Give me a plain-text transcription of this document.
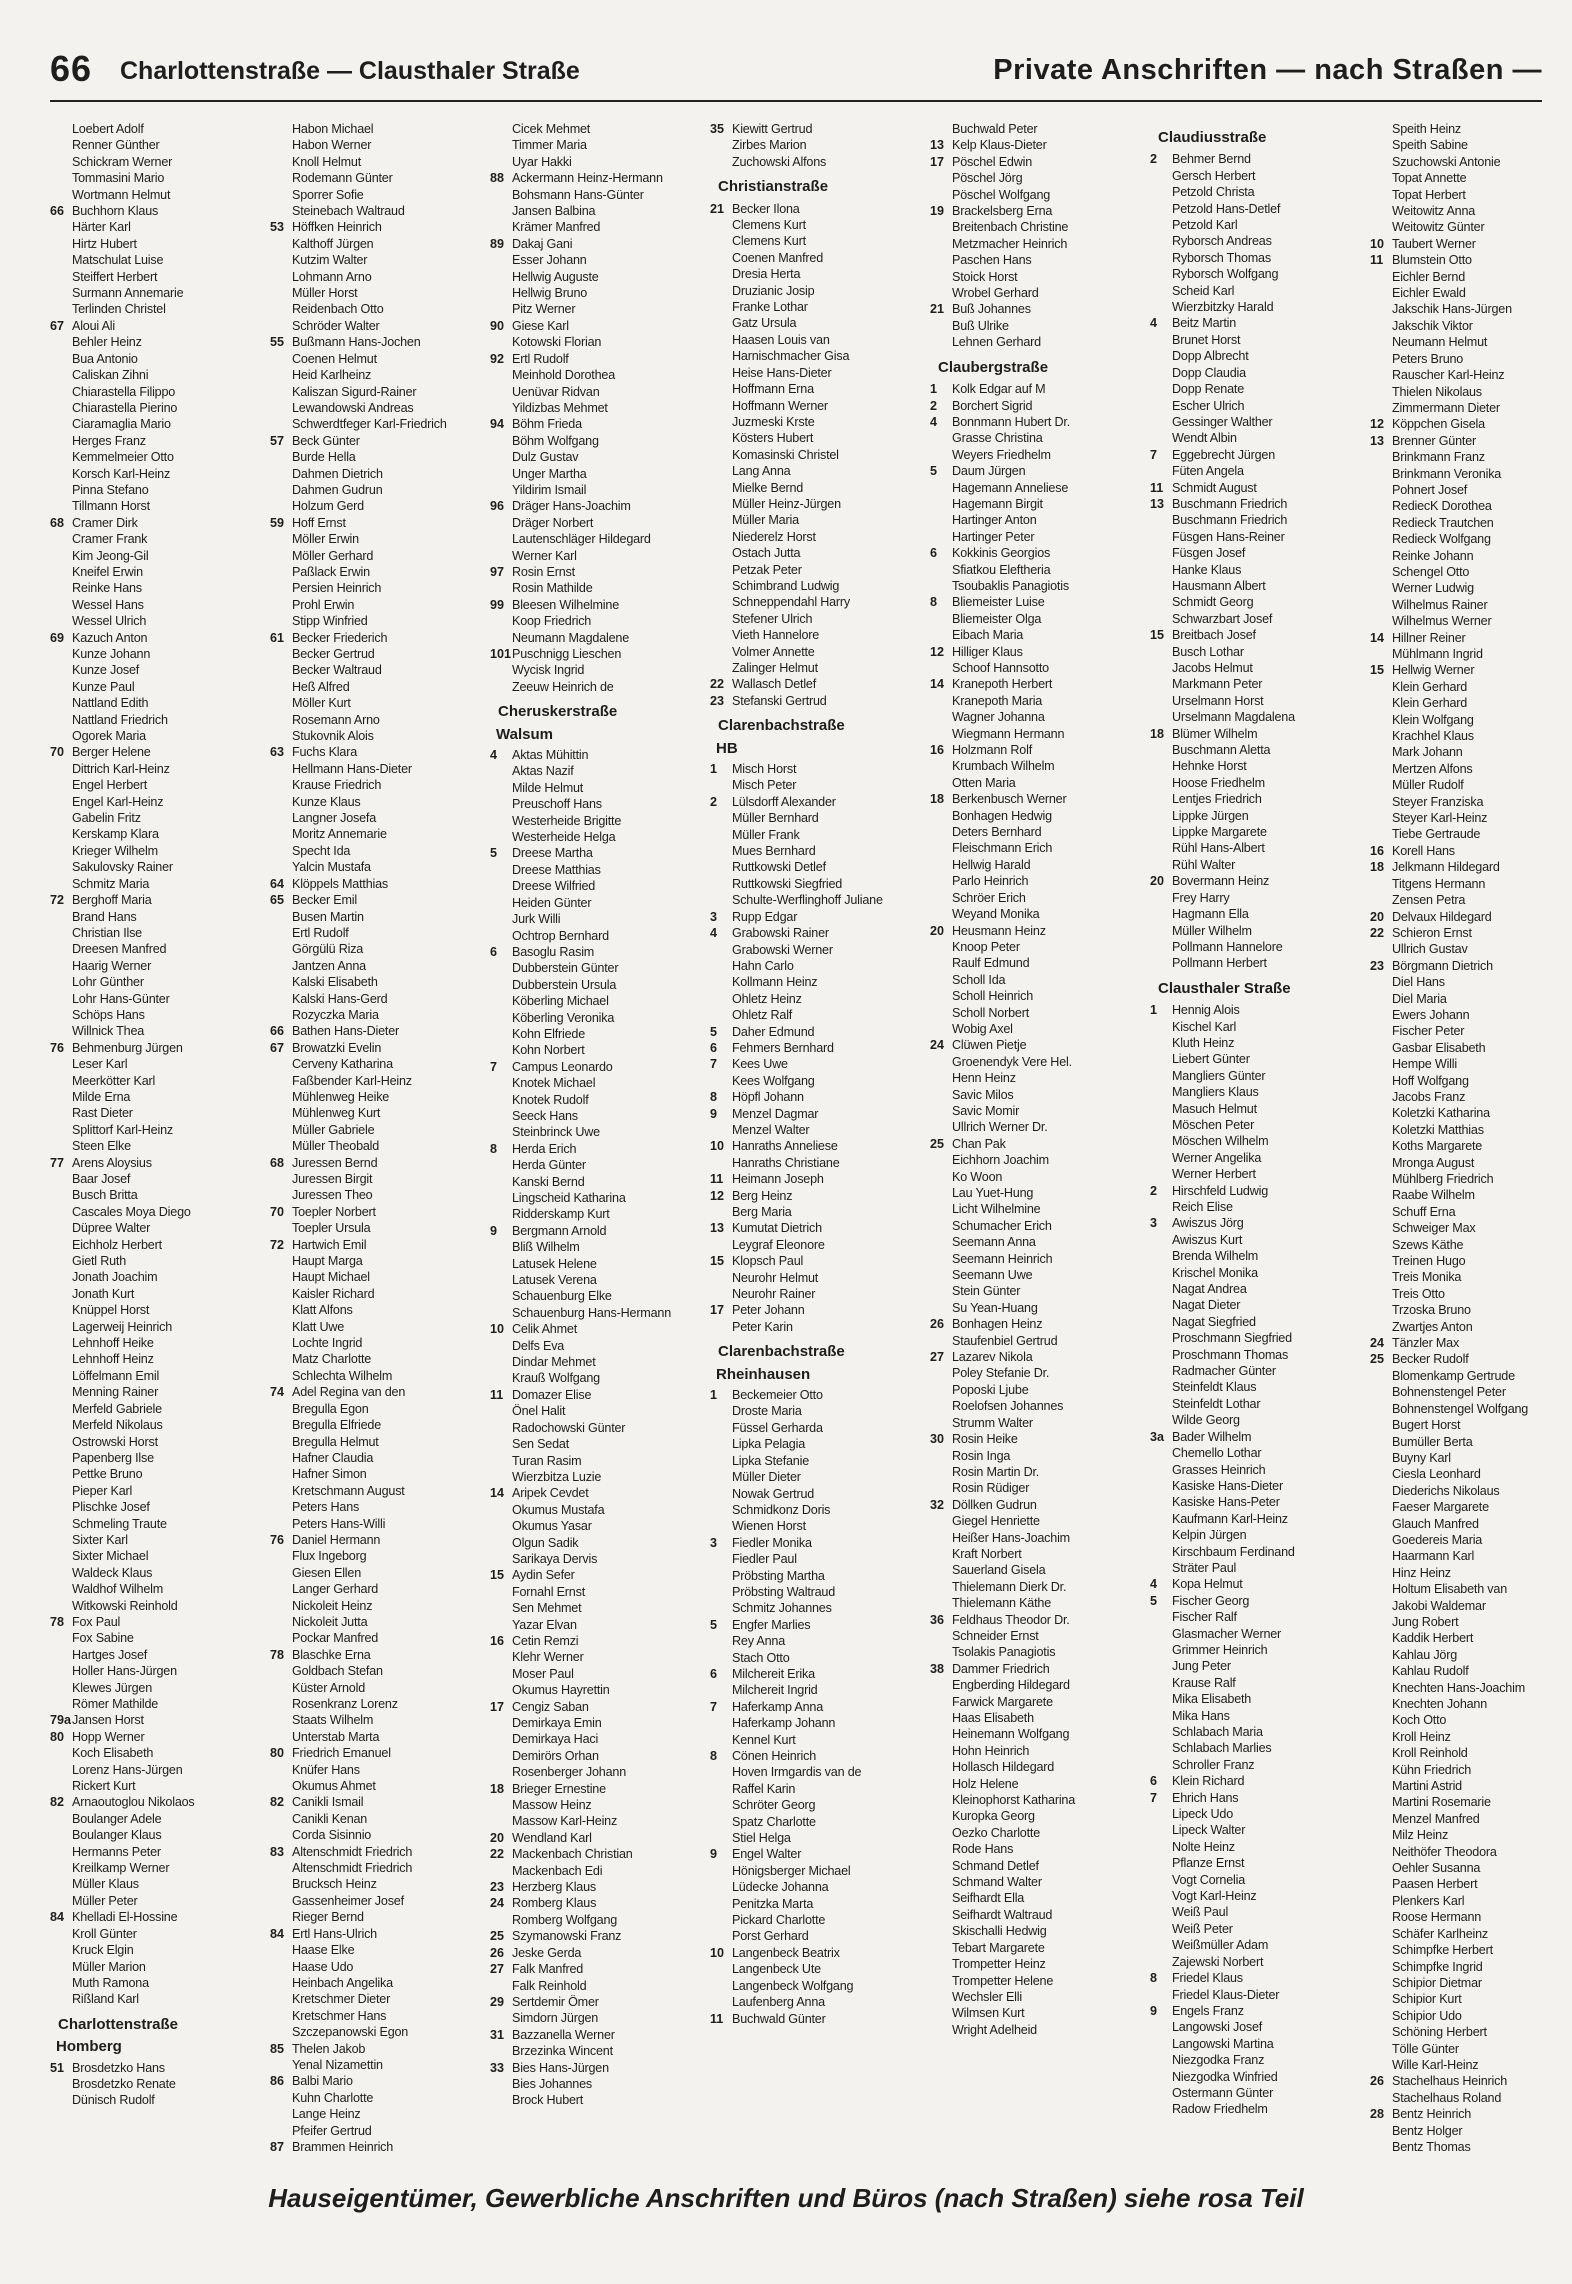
66 Charlottenstraße — Clausthaler Straße	Private Anschriften — nach Straßen —
Loebert Adolf
Renner Günther
Schickram Werner
Tommasini Mario
Wortmann Helmut
66 Buchhorn Klaus
Härter Karl
Hirtz Hubert
Matschulat Luise
Steiffert Herbert
Surmann Annemarie
Terlinden Christel
67 Aloui Ali
Behler Heinz
Bua Antonio
Caliskan Zihni
Chiarastella Filippo
Chiarastella Pierino
Ciaramaglia Mario
Herges Franz
Kemmelmeier Otto
Korsch Karl-Heinz
Pinna Stefano
Tillmann Horst
68 Cramer Dirk
Cramer Frank
Kim Jeong-Gil
Kneifel Erwin
Reinke Hans
Wessel Hans
Wessel Ulrich
69 Kazuch Anton
Kunze Johann
Kunze Josef
Kunze Paul
Nattland Edith
Nattland Friedrich
Ogorek Maria
70 Berger Helene
Dittrich Karl-Heinz
Engel Herbert
Engel Karl-Heinz
Gabelin Fritz
Kerskamp Klara
Krieger Wilhelm
Sakulovsky Rainer
Schmitz Maria
72 Berghoff Maria
Brand Hans
Christian Ilse
Dreesen Manfred
Haarig Werner
Lohr Günther
Lohr Hans-Günter
Schöps Hans
Willnick Thea
76 Behmenburg Jürgen
Leser Karl
Meerkötter Karl
Milde Erna
Rast Dieter
Splittorf Karl-Heinz
Steen Elke
77 Arens Aloysius
Baar Josef
Busch Britta
Cascales Moya Diego
Düpree Walter
Eichholz Herbert
Gietl Ruth
Jonath Joachim
Jonath Kurt
Knüppel Horst
Lagerweij Heinrich
Lehnhoff Heike
Lehnhoff Heinz
Löffelmann Emil
Menning Rainer
Merfeld Gabriele
Merfeld Nikolaus
Ostrowski Horst
Papenberg Ilse
Pettke Bruno
Pieper Karl
Plischke Josef
Schmeling Traute
Sixter Karl
Sixter Michael
Waldeck Klaus
Waldhof Wilhelm
Witkowski Reinhold
78 Fox Paul
Fox Sabine
Hartges Josef
Holler Hans-Jürgen
Klewes Jürgen
Römer Mathilde
79a Jansen Horst
80 Hopp Werner
Koch Elisabeth
Lorenz Hans-Jürgen
Rickert Kurt
82 Arnaoutoglou Nikolaos
Boulanger Adele
Boulanger Klaus
Hermanns Peter
Kreilkamp Werner
Müller Klaus
Müller Peter
84 Khelladi El-Hossine
Kroll Günter
Kruck Elgin
Müller Marion
Muth Ramona
Rißland Karl
Charlottenstraße
Homberg
51 Brosdetzko Hans
Brosdetzko Renate
Dünisch Rudolf
Habon Michael
Habon Werner
Knoll Helmut
Rodemann Günter
Sporrer Sofie
Steinebach Waltraud
53 Höffken Heinrich
Kalthoff Jürgen
Kutzim Walter
Lohmann Arno
Müller Horst
Reidenbach Otto
Schröder Walter
55 Bußmann Hans-Jochen
Coenen Helmut
Heid Karlheinz
Kaliszan Sigurd-Rainer
Lewandowski Andreas
Schwerdtfeger Karl-Friedrich
57 Beck Günter
Burde Hella
Dahmen Dietrich
Dahmen Gudrun
Holzum Gerd
59 Hoff Ernst
Möller Erwin
Möller Gerhard
Paßlack Erwin
Persien Heinrich
Prohl Erwin
Stipp Winfried
61 Becker Friederich
Becker Gertrud
Becker Waltraud
Heß Alfred
Möller Kurt
Rosemann Arno
Stukovnik Alois
63 Fuchs Klara
Hellmann Hans-Dieter
Krause Friedrich
Kunze Klaus
Langner Josefa
Moritz Annemarie
Specht Ida
Yalcin Mustafa
64 Klöppels Matthias
65 Becker Emil
Busen Martin
Ertl Rudolf
Görgülü Riza
Jantzen Anna
Kalski Elisabeth
Kalski Hans-Gerd
Rozyczka Maria
66 Bathen Hans-Dieter
67 Browatzki Evelin
Cerveny Katharina
Faßbender Karl-Heinz
Mühlenweg Heike
Mühlenweg Kurt
Müller Gabriele
Müller Theobald
68 Juressen Bernd
Juressen Birgit
Juressen Theo
70 Toepler Norbert
Toepler Ursula
72 Hartwich Emil
Haupt Marga
Haupt Michael
Kaisler Richard
Klatt Alfons
Klatt Uwe
Lochte Ingrid
Matz Charlotte
Schlechta Wilhelm
74 Adel Regina van den
Bregulla Egon
Bregulla Elfriede
Bregulla Helmut
Hafner Claudia
Hafner Simon
Kretschmann August
Peters Hans
Peters Hans-Willi
76 Daniel Hermann
Flux Ingeborg
Giesen Ellen
Langer Gerhard
Nickoleit Heinz
Nickoleit Jutta
Pockar Manfred
78 Blaschke Erna
Goldbach Stefan
Küster Arnold
Rosenkranz Lorenz
Staats Wilhelm
Unterstab Marta
80 Friedrich Emanuel
Knüfer Hans
Okumus Ahmet
82 Canikli Ismail
Canikli Kenan
Corda Sisinnio
83 Altenschmidt Friedrich
Altenschmidt Friedrich
Brucksch Heinz
Gassenheimer Josef
Rieger Bernd
84 Ertl Hans-Ulrich
Haase Elke
Haase Udo
Heinbach Angelika
Kretschmer Dieter
Kretschmer Hans
Szczepanowski Egon
85 Thelen Jakob
Yenal Nizamettin
86 Balbi Mario
Kuhn Charlotte
Lange Heinz
Pfeifer Gertrud
87 Brammen Heinrich
Cicek Mehmet
Timmer Maria
Uyar Hakki
88 Ackermann Heinz-Hermann
Bohsmann Hans-Günter
Jansen Balbina
Krämer Manfred
89 Dakaj Gani
Esser Johann
Hellwig Auguste
Hellwig Bruno
Pitz Werner
90 Giese Karl
Kotowski Florian
92 Ertl Rudolf
Meinhold Dorothea
Uenüvar Ridvan
Yildizbas Mehmet
94 Böhm Frieda
Böhm Wolfgang
Dulz Gustav
Unger Martha
Yildirim Ismail
96 Dräger Hans-Joachim
Dräger Norbert
Lautenschläger Hildegard
Werner Karl
97 Rosin Ernst
Rosin Mathilde
99 Bleesen Wilhelmine
Koop Friedrich
Neumann Magdalene
101 Puschnigg Lieschen
Wycisk Ingrid
Zeeuw Heinrich de
Cheruskerstraße
Walsum
4	Aktas Mühittin
Aktas Nazif
Milde Helmut
Preuschoff Hans
Westerheide Brigitte
Westerheide Helga
5	Dreese Martha
Dreese Matthias
Dreese Wilfried
Heiden Günter
Jurk Willi
Ochtrop Bernhard
6	Basoglu Rasim
Dubberstein Günter
Dubberstein Ursula
Köberling Michael
Köberling Veronika
Kohn Elfriede
Kohn Norbert
7	Campus Leonardo
Knotek Michael
Knotek Rudolf
Seeck Hans
Steinbrinck Uwe
8	Herda Erich
Herda Günter
Kanski Bernd
Lingscheid Katharina
Ridderskamp Kurt
9	Bergmann Arnold
Bliß Wilhelm
Latusek Helene
Latusek Verena
Schauenburg Elke
Schauenburg Hans-Hermann
10 Celik Ahmet
Delfs Eva
Dindar Mehmet
Krauß Wolfgang
11 Domazer Elise
Önel Halit
Radochowski Günter
Sen Sedat
Turan Rasim
Wierzbitza Luzie
14 Aripek Cevdet
Okumus Mustafa
Okumus Yasar
Olgun Sadik
Sarikaya Dervis
15 Aydin Sefer
Fornahl Ernst
Sen Mehmet
Yazar Elvan
16 Cetin Remzi
Klehr Werner
Moser Paul
Okumus Hayrettin
17 Cengiz Saban
Demirkaya Emin
Demirkaya Haci
Demirörs Orhan
Rosenberger Johann
18 Brieger Ernestine
Massow Heinz
Massow Karl-Heinz
20 Wendland Karl
22 Mackenbach Christian
Mackenbach Edi
23 Herzberg Klaus
24 Romberg Klaus
Romberg Wolfgang
25 Szymanowski Franz
26 Jeske Gerda
27 Falk Manfred
Falk Reinhold
29 Sertdemir Ömer
Simdorn Jürgen
31 Bazzanella Werner
Brzezinka Wincent
33 Bies Hans-Jürgen
Bies Johannes
Brock Hubert
35 Kiewitt Gertrud
Zirbes Marion
Zuchowski Alfons
Christianstraße
21 Becker Ilona
Clemens Kurt
Clemens Kurt
Coenen Manfred
Dresia Herta
Druzianic Josip
Franke Lothar
Gatz Ursula
Haasen Louis van
Harnischmacher Gisa
Heise Hans-Dieter
Hoffmann Erna
Hoffmann Werner
Juzmeski Krste
Kösters Hubert
Komasinski Christel
Lang Anna
Mielke Bernd
Müller Heinz-Jürgen
Müller Maria
Niederelz Horst
Ostach Jutta
Petzak Peter
Schimbrand Ludwig
Schneppendahl Harry
Stefener Ulrich
Vieth Hannelore
Volmer Annette
Zalinger Helmut
22 Wallasch Detlef
23 Stefanski Gertrud
Clarenbachstraße
HB
1	Misch Horst
Misch Peter
2	Lülsdorff Alexander
Müller Bernhard
Müller Frank
Mues Bernhard
Ruttkowski Detlef
Ruttkowski Siegfried
Schulte-Werflinghoff Juliane
3	Rupp Edgar
4	Grabowski Rainer
Grabowski Werner
Hahn Carlo
Kollmann Heinz
Ohletz Heinz
Ohletz Ralf
5	Daher Edmund
6	Fehmers Bernhard
7	Kees Uwe
Kees Wolfgang
8	Höpfl Johann
9	Menzel Dagmar
Menzel Walter
10 Hanraths Anneliese
Hanraths Christiane
11 Heimann Joseph
12 Berg Heinz
Berg Maria
13 Kumutat Dietrich
Leygraf Eleonore
15 Klopsch Paul
Neurohr Helmut
Neurohr Rainer
17 Peter Johann
Peter Karin
Clarenbachstraße
Rheinhausen
1	Beckemeier Otto
Droste Maria
Füssel Gerharda
Lipka Pelagia
Lipka Stefanie
Müller Dieter
Nowak Gertrud
Schmidkonz Doris
Wienen Horst
3	Fiedler Monika
Fiedler Paul
Pröbsting Martha
Pröbsting Waltraud
Schmitz Johannes
5	Engfer Marlies
Rey Anna
Stach Otto
6	Milchereit Erika
Milchereit Ingrid
7	Haferkamp Anna
Haferkamp Johann
Kennel Kurt
8	Cönen Heinrich
Hoven Irmgardis van de
Raffel Karin
Schröter Georg
Spatz Charlotte
Stiel Helga
9	Engel Walter
Hönigsberger Michael
Lüdecke Johanna
Penitzka Marta
Pickard Charlotte
Porst Gerhard
10 Langenbeck Beatrix
Langenbeck Ute
Langenbeck Wolfgang
Laufenberg Anna
11 Buchwald Günter
Buchwald Peter
13 Kelp Klaus-Dieter
17 Pöschel Edwin
Pöschel Jörg
Pöschel Wolfgang
19 Brackelsberg Erna
Breitenbach Christine
Metzmacher Heinrich
Paschen Hans
Stoick Horst
Wrobel Gerhard
21 Buß Johannes
Buß Ulrike
Lehnen Gerhard
Claubergstraße
1	Kolk Edgar auf M
2	Borchert Sigrid
4	Bonnmann Hubert Dr.
Grasse Christina
Weyers Friedhelm
5	Daum Jürgen
Hagemann Anneliese
Hagemann Birgit
Hartinger Anton
Hartinger Peter
6	Kokkinis Georgios
Sfiatkou Eleftheria
Tsoubaklis Panagiotis
8	Bliemeister Luise
Bliemeister Olga
Eibach Maria
12 Hilliger Klaus
Schoof Hannsotto
14 Kranepoth Herbert
Kranepoth Maria
Wagner Johanna
Wiegmann Hermann
16 Holzmann Rolf
Krumbach Wilhelm
Otten Maria
18 Berkenbusch Werner
Bonhagen Hedwig
Deters Bernhard
Fleischmann Erich
Hellwig Harald
Parlo Heinrich
Schröer Erich
Weyand Monika
20 Heusmann Heinz
Knoop Peter
Raulf Edmund
Scholl Ida
Scholl Heinrich
Scholl Norbert
Wobig Axel
24 Clüwen Pietje
Groenendyk Vere Hel.
Henn Heinz
Savic Milos
Savic Momir
Ullrich Werner Dr.
25 Chan Pak
Eichhorn Joachim
Ko Woon
Lau Yuet-Hung
Licht Wilhelmine
Schumacher Erich
Seemann Anna
Seemann Heinrich
Seemann Uwe
Stein Günter
Su Yean-Huang
26 Bonhagen Heinz
Staufenbiel Gertrud
27 Lazarev Nikola
Poley Stefanie Dr.
Poposki Ljube
Roelofsen Johannes
Strumm Walter
30 Rosin Heike
Rosin Inga
Rosin Martin Dr.
Rosin Rüdiger
32 Döllken Gudrun
Giegel Henriette
Heißer Hans-Joachim
Kraft Norbert
Sauerland Gisela
Thielemann Dierk Dr.
Thielemann Käthe
36 Feldhaus Theodor Dr.
Schneider Ernst
Tsolakis Panagiotis
38 Dammer Friedrich
Engberding Hildegard
Farwick Margarete
Haas Elisabeth
Heinemann Wolfgang
Hohn Heinrich
Hollasch Hildegard
Holz Helene
Kleinophorst Katharina
Kuropka Georg
Oezko Charlotte
Rode Hans
Schmand Detlef
Schmand Walter
Seifhardt Ella
Seifhardt Waltraud
Skischalli Hedwig
Tebart Margarete
Trompetter Heinz
Trompetter Helene
Wechsler Elli
Wilmsen Kurt
Wright Adelheid
Claudiusstraße
2	Behmer Bernd
Gersch Herbert
Petzold Christa
Petzold Hans-Detlef
Petzold Karl
Ryborsch Andreas
Ryborsch Thomas
Ryborsch Wolfgang
Scheid Karl
Wierzbitzky Harald
4	Beitz Martin
Brunet Horst
Dopp Albrecht
Dopp Claudia
Dopp Renate
Escher Ulrich
Gessinger Walther
Wendt Albin
7	Eggebrecht Jürgen
Füten Angela
11 Schmidt August
13 Buschmann Friedrich
Buschmann Friedrich
Füsgen Hans-Reiner
Füsgen Josef
Hanke Klaus
Hausmann Albert
Schmidt Georg
Schwarzbart Josef
15 Breitbach Josef
Busch Lothar
Jacobs Helmut
Markmann Peter
Urselmann Horst
Urselmann Magdalena
18 Blümer Wilhelm
Buschmann Aletta
Hehnke Horst
Hoose Friedhelm
Lentjes Friedrich
Lippke Jürgen
Lippke Margarete
Rühl Hans-Albert
Rühl Walter
20 Bovermann Heinz
Frey Harry
Hagmann Ella
Müller Wilhelm
Pollmann Hannelore
Pollmann Herbert
Clausthaler Straße
1	Hennig Alois
Kischel Karl
Kluth Heinz
Liebert Günter
Mangliers Günter
Mangliers Klaus
Masuch Helmut
Möschen Peter
Möschen Wilhelm
Werner Angelika
Werner Herbert
2	Hirschfeld Ludwig
Reich Elise
3	Awiszus Jörg
Awiszus Kurt
Brenda Wilhelm
Krischel Monika
Nagat Andrea
Nagat Dieter
Nagat Siegfried
Proschmann Siegfried
Proschmann Thomas
Radmacher Günter
Steinfeldt Klaus
Steinfeldt Lothar
Wilde Georg
3a Bader Wilhelm
Chemello Lothar
Grasses Heinrich
Kasiske Hans-Dieter
Kasiske Hans-Peter
Kaufmann Karl-Heinz
Kelpin Jürgen
Kirschbaum Ferdinand
Sträter Paul
4	Kopa Helmut
5	Fischer Georg
Fischer Ralf
Glasmacher Werner
Grimmer Heinrich
Jung Peter
Krause Ralf
Mika Elisabeth
Mika Hans
Schlabach Maria
Schlabach Marlies
Schroller Franz
6	Klein Richard
7	Ehrich Hans
Lipeck Udo
Lipeck Walter
Nolte Heinz
Pflanze Ernst
Vogt Cornelia
Vogt Karl-Heinz
Weiß Paul
Weiß Peter
Weißmüller Adam
Zajewski Norbert
8	Friedel Klaus
Friedel Klaus-Dieter
9	Engels Franz
Langowski Josef
Langowski Martina
Niezgodka Franz
Niezgodka Winfried
Ostermann Günter
Radow Friedhelm
Speith Heinz
Speith Sabine
Szuchowski Antonie
Topat Annette
Topat Herbert
Weitowitz Anna
Weitowitz Günter
10 Taubert Werner
11 Blumstein Otto
Eichler Bernd
Eichler Ewald
Jakschik Hans-Jürgen
Jakschik Viktor
Neumann Helmut
Peters Bruno
Rauscher Karl-Heinz
Thielen Nikolaus
Zimmermann Dieter
12 Köppchen Gisela
13 Brenner Günter
Brinkmann Franz
Brinkmann Veronika
Pohnert Josef
RediecK Dorothea
Redieck Trautchen
Redieck Wolfgang
Reinke Johann
Schengel Otto
Werner Ludwig
Wilhelmus Rainer
Wilhelmus Werner
14 Hillner Reiner
Mühlmann Ingrid
15 Hellwig Werner
Klein Gerhard
Klein Gerhard
Klein Wolfgang
Krachhel Klaus
Mark Johann
Mertzen Alfons
Müller Rudolf
Steyer Franziska
Steyer Karl-Heinz
Tiebe Gertraude
16 Korell Hans
18 Jelkmann Hildegard
Titgens Hermann
Zensen Petra
20 Delvaux Hildegard
22 Schieron Ernst
Ullrich Gustav
23 Börgmann Dietrich
Diel Hans
Diel Maria
Ewers Johann
Fischer Peter
Gasbar Elisabeth
Hempe Willi
Hoff Wolfgang
Jacobs Franz
Koletzki Katharina
Koletzki Matthias
Koths Margarete
Mronga August
Mühlberg Friedrich
Raabe Wilhelm
Schuff Erna
Schweiger Max
Szews Käthe
Treinen Hugo
Treis Monika
Treis Otto
Trzoska Bruno
Zwartjes Anton
24 Tänzler Max
25 Becker Rudolf
Blomenkamp Gertrude
Bohnenstengel Peter
Bohnenstengel Wolfgang
Bugert Horst
Bumüller Berta
Buyny Karl
Ciesla Leonhard
Diederichs Nikolaus
Faeser Margarete
Glauch Manfred
Goedereis Maria
Haarmann Karl
Hinz Heinz
Holtum Elisabeth van
Jakobi Waldemar
Jung Robert
Kaddik Herbert
Kahlau Jörg
Kahlau Rudolf
Knechten Hans-Joachim
Knechten Johann
Koch Otto
Kroll Heinz
Kroll Reinhold
Kühn Friedrich
Martini Astrid
Martini Rosemarie
Menzel Manfred
Milz Heinz
Neithöfer Theodora
Oehler Susanna
Paasen Herbert
Plenkers Karl
Roose Hermann
Schäfer Karlheinz
Schimpfke Herbert
Schimpfke Ingrid
Schipior Dietmar
Schipior Kurt
Schipior Udo
Schöning Herbert
Tölle Günter
Wille Karl-Heinz
26 Stachelhaus Heinrich
Stachelhaus Roland
28 Bentz Heinrich
Bentz Holger
Bentz Thomas
Hauseigentümer, Gewerbliche Anschriften und Büros (nach Straßen) siehe rosa Teil
